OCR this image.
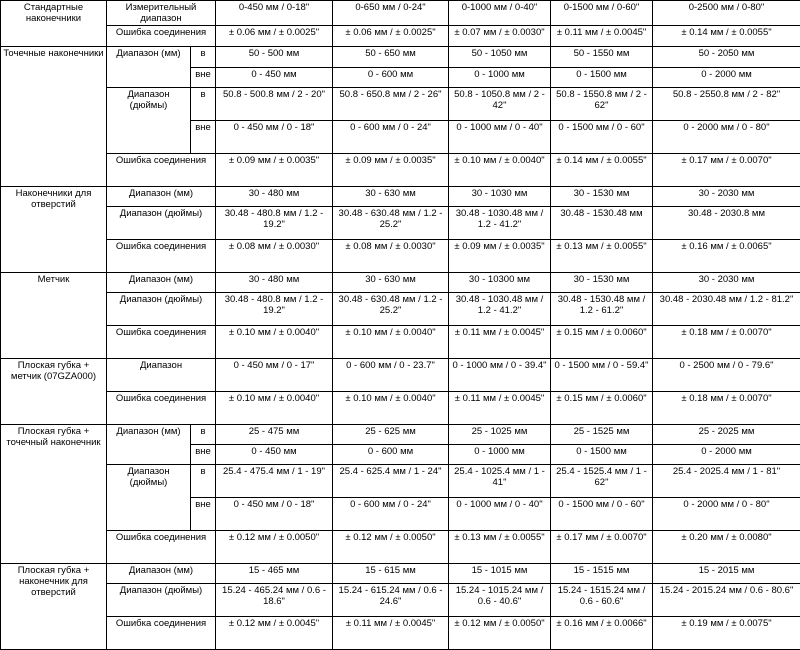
Стандартные наконечники	Измерительный диапазон		0-450 мм / 0-18"	0-650 мм / 0-24"	0-1000 мм / 0-40"	0-1500 мм / 0-60"	0-2500 мм / 0-80"
	Ошибка соединения		± 0.06 мм / ± 0.0025"	± 0.06 мм / ± 0.0025"	± 0.07 мм / ± 0.0030"	± 0.11 мм / ± 0.0045"	± 0.14 мм / ± 0.0055"
Точечные наконечники	Диапазон (мм)	в	50 - 500 мм	50 - 650 мм	50 - 1050 мм	50 - 1550 мм	50 - 2050 мм
		вне	0 - 450 мм	0 - 600 мм	0 - 1000 мм	0 - 1500 мм	0 - 2000 мм
	Диапазон (дюймы)	в	50.8 - 500.8 мм / 2 - 20"	50.8 - 650.8 мм / 2 - 26"	50.8 - 1050.8 мм / 2 - 42"	50.8 - 1550.8 мм / 2 - 62"	50.8 - 2550.8 мм / 2 - 82"
		вне	0 - 450 мм / 0 - 18"	0 - 600 мм / 0 - 24"	0 - 1000 мм / 0 - 40"	0 - 1500 мм / 0 - 60"	0 - 2000 мм / 0 - 80"
	Ошибка соединения		± 0.09 мм / ± 0.0035"	± 0.09 мм / ± 0.0035"	± 0.10 мм / ± 0.0040"	± 0.14 мм / ± 0.0055"	± 0.17 мм / ± 0.0070"
Наконечники для отверстий	Диапазон (мм)		30 - 480 мм	30 - 630 мм	30 - 1030 мм	30 - 1530 мм	30 - 2030 мм
	Диапазон (дюймы)		30.48 - 480.8 мм / 1.2 - 19.2"	30.48 - 630.48 мм / 1.2 - 25.2"	30.48 - 1030.48 мм / 1.2 - 41.2"	30.48 - 1530.48 мм	30.48 - 2030.8 мм
	Ошибка соединения		± 0.08 мм / ± 0.0030"	± 0.08 мм / ± 0.0030"	± 0.09 мм / ± 0.0035"	± 0.13 мм / ± 0.0055"	± 0.16 мм / ± 0.0065"
Метчик	Диапазон (мм)		30 - 480 мм	30 - 630 мм	30 - 10300 мм	30 - 1530 мм	30 - 2030 мм
	Диапазон (дюймы)		30.48 - 480.8 мм / 1.2 - 19.2"	30.48 - 630.48 мм / 1.2 - 25.2"	30.48 - 1030.48 мм / 1.2 - 41.2"	30.48 - 1530.48 мм / 1.2 - 61.2"	30.48 - 2030.48 мм / 1.2 - 81.2"
	Ошибка соединения		± 0.10 мм / ± 0.0040"	± 0.10 мм / ± 0.0040"	± 0.11 мм / ± 0.0045"	± 0.15 мм / ± 0.0060"	± 0.18 мм / ± 0.0070"
Плоская губка + метчик (07GZA000)	Диапазон		0 - 450 мм / 0 - 17"	0 - 600 мм / 0 - 23.7"	0 - 1000 мм / 0 - 39.4"	0 - 1500 мм / 0 - 59.4"	0 - 2500 мм / 0 - 79.6"
	Ошибка соединения		± 0.10 мм / ± 0.0040"	± 0.10 мм / ± 0.0040"	± 0.11 мм / ± 0.0045"	± 0.15 мм / ± 0.0060"	± 0.18 мм / ± 0.0070"
Плоская губка + точечный наконечник	Диапазон (мм)	в	25 - 475 мм	25 - 625 мм	25 - 1025 мм	25 - 1525 мм	25 - 2025 мм
		вне	0 - 450 мм	0 - 600 мм	0 - 1000 мм	0 - 1500 мм	0 - 2000 мм
	Диапазон (дюймы)	в	25.4 - 475.4 мм / 1 - 19"	25.4 - 625.4 мм / 1 - 24"	25.4 - 1025.4 мм / 1 - 41"	25.4 - 1525.4 мм / 1 - 62"	25.4 - 2025.4 мм / 1 - 81"
		вне	0 - 450 мм / 0 - 18"	0 - 600 мм / 0 - 24"	0 - 1000 мм / 0 - 40"	0 - 1500 мм / 0 - 60"	0 - 2000 мм / 0 - 80"
	Ошибка соединения		± 0.12 мм / ± 0.0050"	± 0.12 мм / ± 0.0050"	± 0.13 мм / ± 0.0055"	± 0.17 мм / ± 0.0070"	± 0.20 мм / ± 0.0080"
Плоская губка + наконечник для отверстий	Диапазон (мм)		15 - 465 мм	15 - 615 мм	15 - 1015 мм	15 - 1515 мм	15 - 2015 мм
	Диапазон (дюймы)		15.24 - 465.24 мм / 0.6 - 18.6"	15.24 - 615.24 мм / 0.6 - 24.6"	15.24 - 1015.24 мм / 0.6 - 40.6"	15.24 - 1515.24 мм / 0.6 - 60.6"	15.24 - 2015.24 мм / 0.6 - 80.6"
	Ошибка соединения		± 0.12 мм / ± 0.0045"	± 0.11 мм / ± 0.0045"	± 0.12 мм / ± 0.0050"	± 0.16 мм / ± 0.0066"	± 0.19 мм / ± 0.0075"
